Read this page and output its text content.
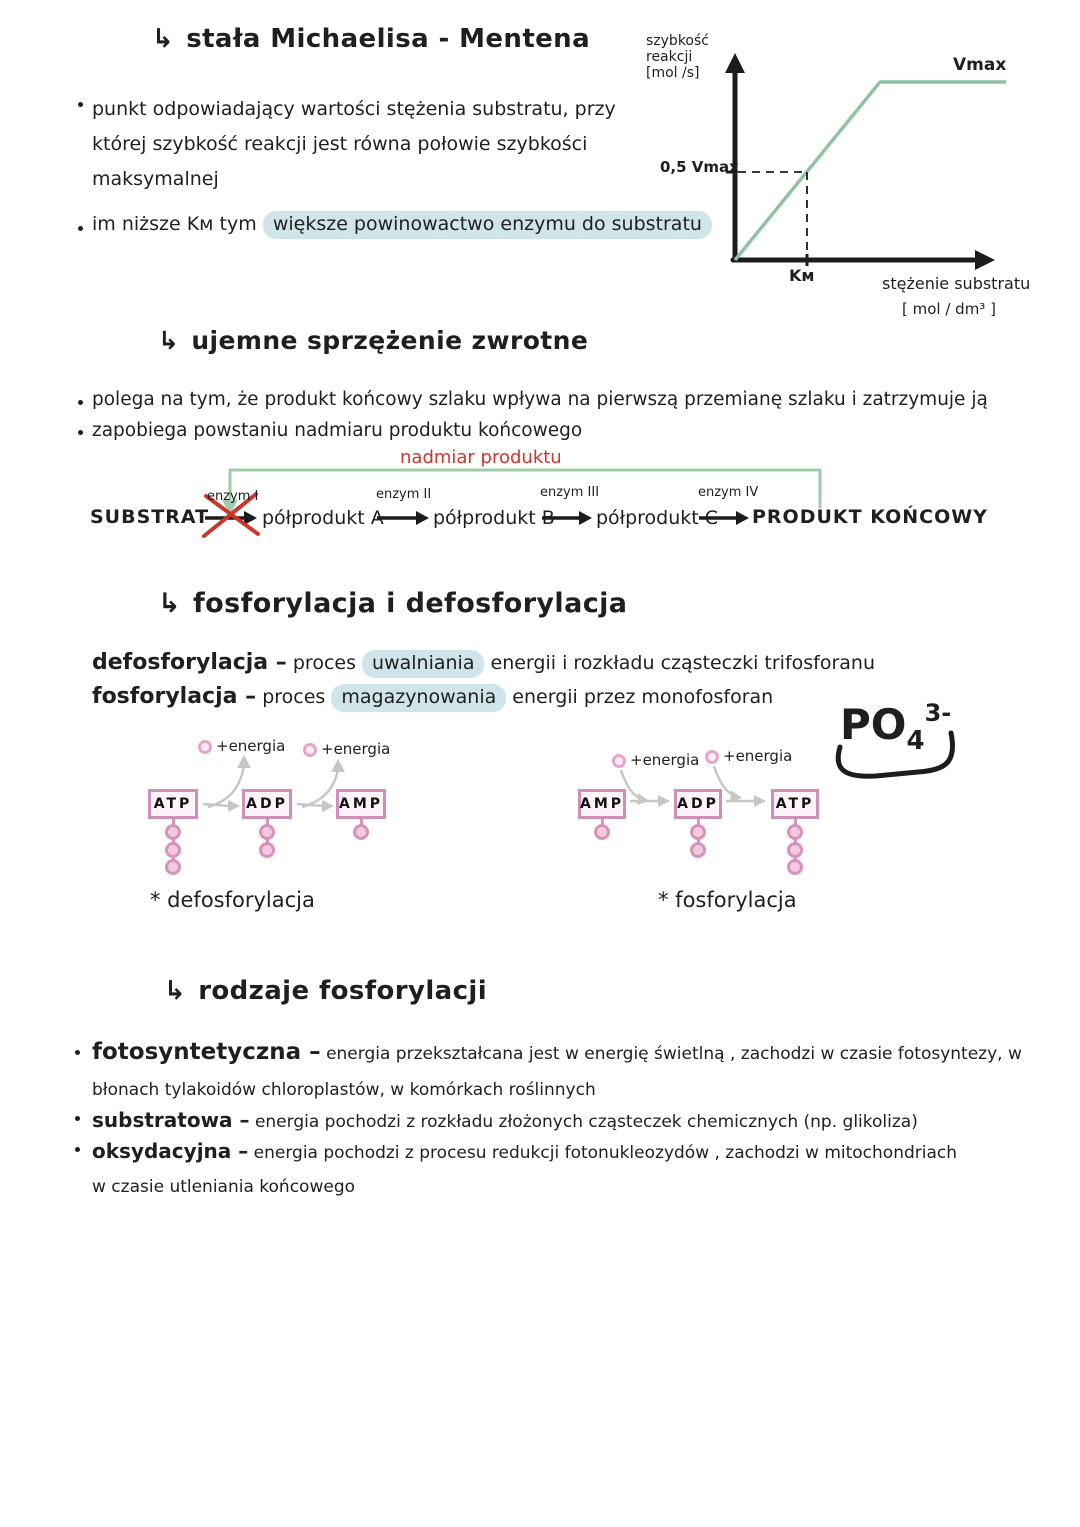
↳ stała Michaelisa - Mentena
punkt odpowiadający wartości stężenia substratu, przy której szybkość reakcji jest równa połowie szybkości maksymalnej
im niższe Kᴍ tym większe powinowactwo enzymu do substratu
szybkość
reakcji
[mol /s]
0,5 Vmax
Vmax
Kᴍ	stężenie substratu
[ mol / dm³ ]
↳ ujemne sprzężenie zwrotne
polega na tym, że produkt końcowy szlaku wpływa na pierwszą przemianę szlaku i zatrzymuje ją
zapobiega powstaniu nadmiaru produktu końcowego
nadmiar produktu
SUBSTRAT
enzym I
półprodukt A
enzym II
półprodukt B
enzym III
półprodukt C
enzym IV
PRODUKT KOŃCOWY
↳ fosforylacja i defosforylacja
defosforylacja – proces uwalniania energii i rozkładu cząsteczki trifosforanu
fosforylacja – proces magazynowania energii przez monofosforan
+energia +energia
ATP	ADP	AMP
* defosforylacja
+energia +energia
AMP	ADP	ATP
* fosforylacja
$PO_4^{3-}$
↳ rodzaje fosforylacji
fotosyntetyczna – energia przekształcana jest w energię świetlną , zachodzi w czasie fotosyntezy, w błonach tylakoidów chloroplastów, w komórkach roślinnych
substratowa – energia pochodzi z rozkładu złożonych cząsteczek chemicznych (np. glikoliza)
oksydacyjna – energia pochodzi z procesu redukcji fotonukleozydów , zachodzi w mitochondriach w czasie utleniania końcowego
